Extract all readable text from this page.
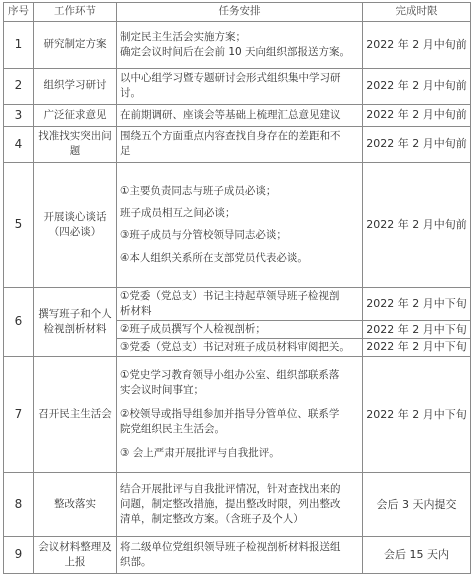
序号	工作环节	任务安排	完成时限
1	研究制定方案	制定民主生活会实施方案；
确定会议时间后在会前 10 天向组织部报送方案。	2022 年 2 月中旬前
2	组织学习研讨	以中心组学习暨专题研讨会形式组织集中学习研
讨。	2022 年 2 月中旬前
3	广泛征求意见	在前期调研、座谈会等基础上梳理汇总意见建议	2022 年 2 月中旬前
4	找准找实突出问题	围绕五个方面重点内容查找自身存在的差距和不
足	2022 年 2 月中旬前
5	开展谈心谈话（四必谈）	①主要负责同志与班子成员必谈；
班子成员相互之间必谈；
③班子成员与分管校领导同志必谈；
④本人组织关系所在支部党员代表必谈。	2022 年 2 月中旬前
6	撰写班子和个人检视剖析材料	①党委（党总支）书记主持起草领导班子检视剖
析材料	2022 年 2 月中下旬

		②班子成员撰写个人检视剖析；	2022 年 2 月中下旬

		③党委（党总支）书记对班子成员材料审阅把关。	2022 年 2 月中下旬
7	召开民主生活会	①党史学习教育领导小组办公室、组织部联系落
实会议时间事宜；
②校领导或指导组参加并指导分管单位、联系学
院党组织民主生活会。
③ 会上严肃开展批评与自我批评。	2022 年 2 月中下旬
8	整改落实	结合开展批评与自我批评情况，针对查找出来的
问题，制定整改措施，提出整改时限，列出整改
清单，制定整改方案。（含班子及个人）	会后 3 天内提交
9	会议材料整理及上报	将二级单位党组织领导班子检视剖析材料报送组
织部。	会后 15 天内
